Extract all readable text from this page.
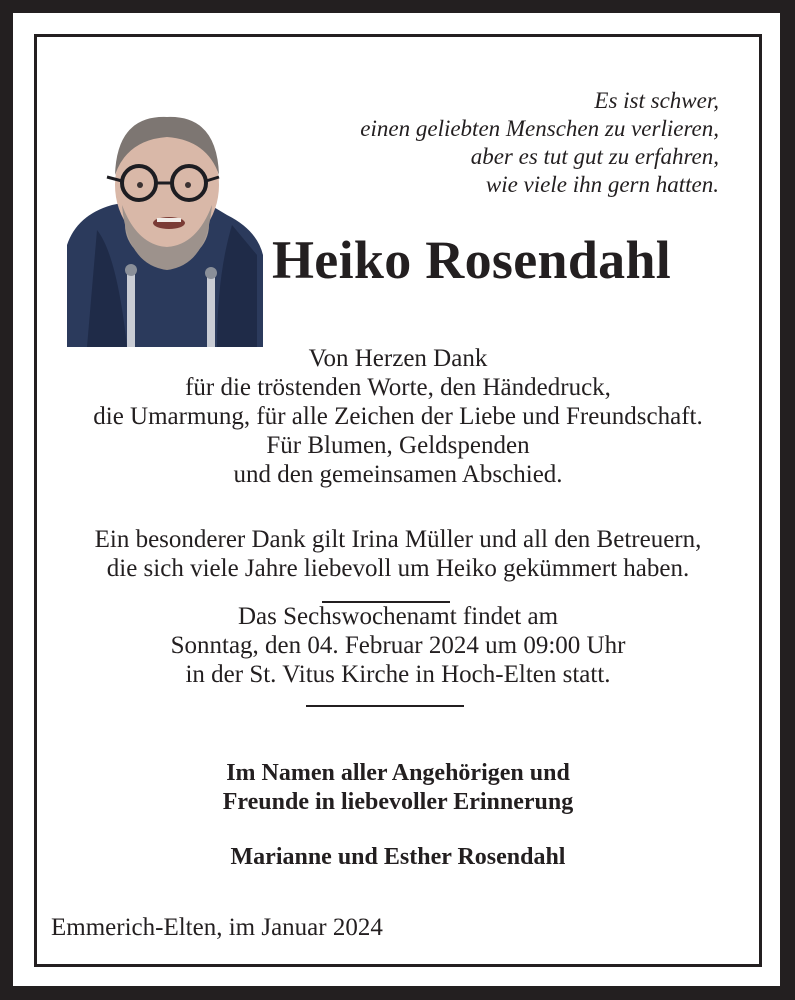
Es ist schwer,
einen geliebten Menschen zu verlieren,
aber es tut gut zu erfahren,
wie viele ihn gern hatten.
Heiko Rosendahl
Von Herzen Dank
für die tröstenden Worte, den Händedruck,
die Umarmung, für alle Zeichen der Liebe und Freundschaft.
Für Blumen, Geldspenden
und den gemeinsamen Abschied.
Ein besonderer Dank gilt Irina Müller und all den Betreuern,
die sich viele Jahre liebevoll um Heiko gekümmert haben.
Das Sechswochenamt findet am
Sonntag, den 04. Februar 2024 um 09:00 Uhr
in der St. Vitus Kirche in Hoch-Elten statt.
Im Namen aller Angehörigen und
Freunde in liebevoller Erinnerung
Marianne und Esther Rosendahl
Emmerich-Elten, im Januar 2024
